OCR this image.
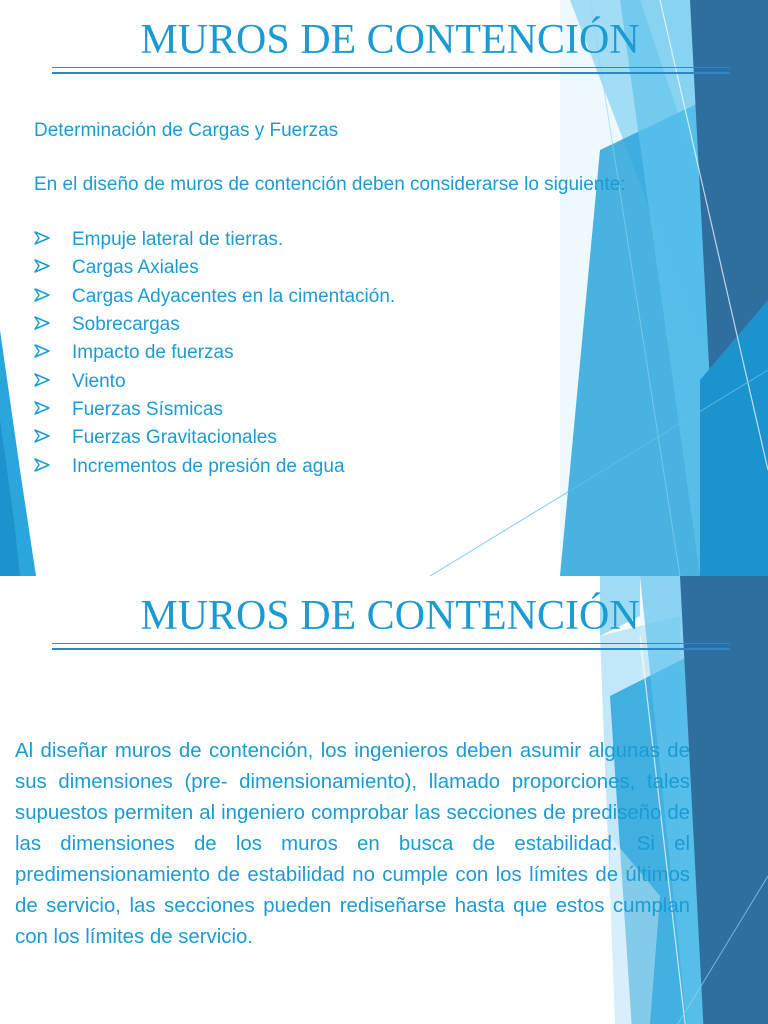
MUROS DE CONTENCIÓN

Determinación de Cargas y Fuerzas

En el diseño de muros de contención deben considerarse lo siguiente:

Empuje lateral de tierras.
Cargas Axiales
Cargas Adyacentes en la cimentación.
Sobrecargas
Impacto de fuerzas
Viento
Fuerzas Sísmicas
Fuerzas Gravitacionales
Incrementos de presión de agua
MUROS DE CONTENCIÓN

Al diseñar muros de contención, los ingenieros deben asumir algunas de sus dimensiones (pre- dimensionamiento), llamado proporciones, tales supuestos permiten al ingeniero comprobar las secciones de prediseño de las dimensiones de los muros en busca de estabilidad. Si el predimensionamiento de estabilidad no cumple con los límites de últimos de servicio, las secciones pueden rediseñarse hasta que estos cumplan con los límites de servicio.
